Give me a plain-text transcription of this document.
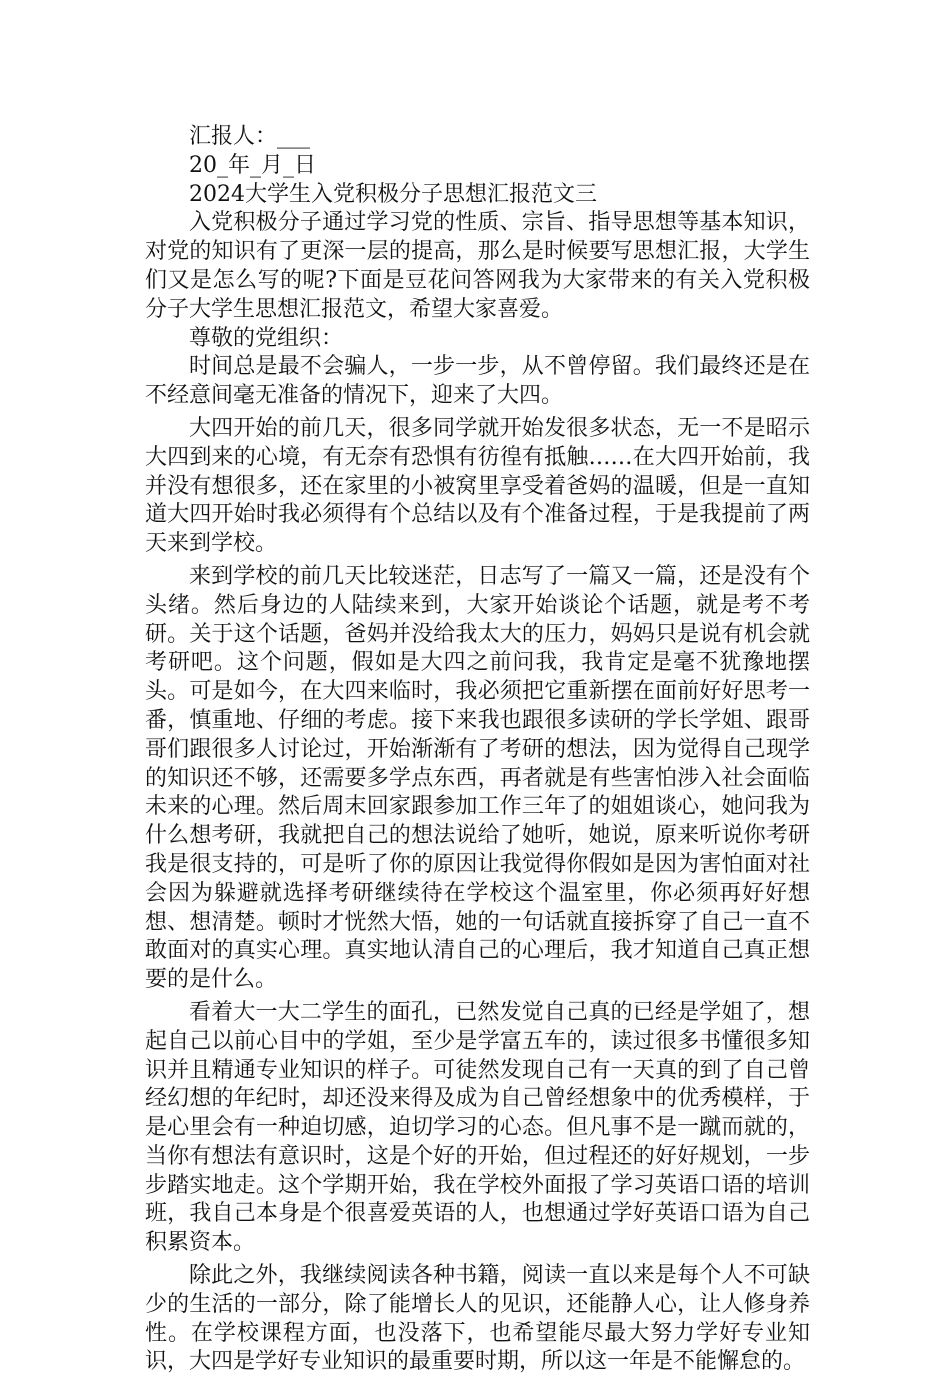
汇报人：___
20_年_月_日
2024大学生入党积极分子思想汇报范文三

入党积极分子通过学习党的性质、宗旨、指导思想等基本知识，对党的知识有了更深一层的提高，那么是时候要写思想汇报，大学生们又是怎么写的呢?下面是豆花问答网我为大家带来的有关入党积极分子大学生思想汇报范文，希望大家喜爱。

尊敬的党组织：

时间总是最不会骗人，一步一步，从不曾停留。我们最终还是在不经意间毫无准备的情况下，迎来了大四。

大四开始的前几天，很多同学就开始发很多状态，无一不是昭示大四到来的心境，有无奈有恐惧有彷徨有抵触……在大四开始前，我并没有想很多，还在家里的小被窝里享受着爸妈的温暖，但是一直知道大四开始时我必须得有个总结以及有个准备过程，于是我提前了两天来到学校。

来到学校的前几天比较迷茫，日志写了一篇又一篇，还是没有个头绪。然后身边的人陆续来到，大家开始谈论个话题，就是考不考研。关于这个话题，爸妈并没给我太大的压力，妈妈只是说有机会就考研吧。这个问题，假如是大四之前问我，我肯定是毫不犹豫地摆头。可是如今，在大四来临时，我必须把它重新摆在面前好好思考一番，慎重地、仔细的考虑。接下来我也跟很多读研的学长学姐、跟哥哥们跟很多人讨论过，开始渐渐有了考研的想法，因为觉得自己现学的知识还不够，还需要多学点东西，再者就是有些害怕涉入社会面临未来的心理。然后周末回家跟参加工作三年了的姐姐谈心，她问我为什么想考研，我就把自己的想法说给了她听，她说，原来听说你考研我是很支持的，可是听了你的原因让我觉得你假如是因为害怕面对社会因为躲避就选择考研继续待在学校这个温室里，你必须再好好想想、想清楚。顿时才恍然大悟，她的一句话就直接拆穿了自己一直不敢面对的真实心理。真实地认清自己的心理后，我才知道自己真正想要的是什么。

看着大一大二学生的面孔，已然发觉自己真的已经是学姐了，想起自己以前心目中的学姐，至少是学富五车的，读过很多书懂很多知识并且精通专业知识的样子。可徒然发现自己有一天真的到了自己曾经幻想的年纪时，却还没来得及成为自己曾经想象中的优秀模样，于是心里会有一种迫切感，迫切学习的心态。但凡事不是一蹴而就的，当你有想法有意识时，这是个好的开始，但过程还的好好规划，一步步踏实地走。这个学期开始，我在学校外面报了学习英语口语的培训班，我自己本身是个很喜爱英语的人，也想通过学好英语口语为自己积累资本。

除此之外，我继续阅读各种书籍，阅读一直以来是每个人不可缺少的生活的一部分，除了能增长人的见识，还能静人心，让人修身养性。在学校课程方面，也没落下，也希望能尽最大努力学好专业知识，大四是学好专业知识的最重要时期，所以这一年是不能懈怠的。
